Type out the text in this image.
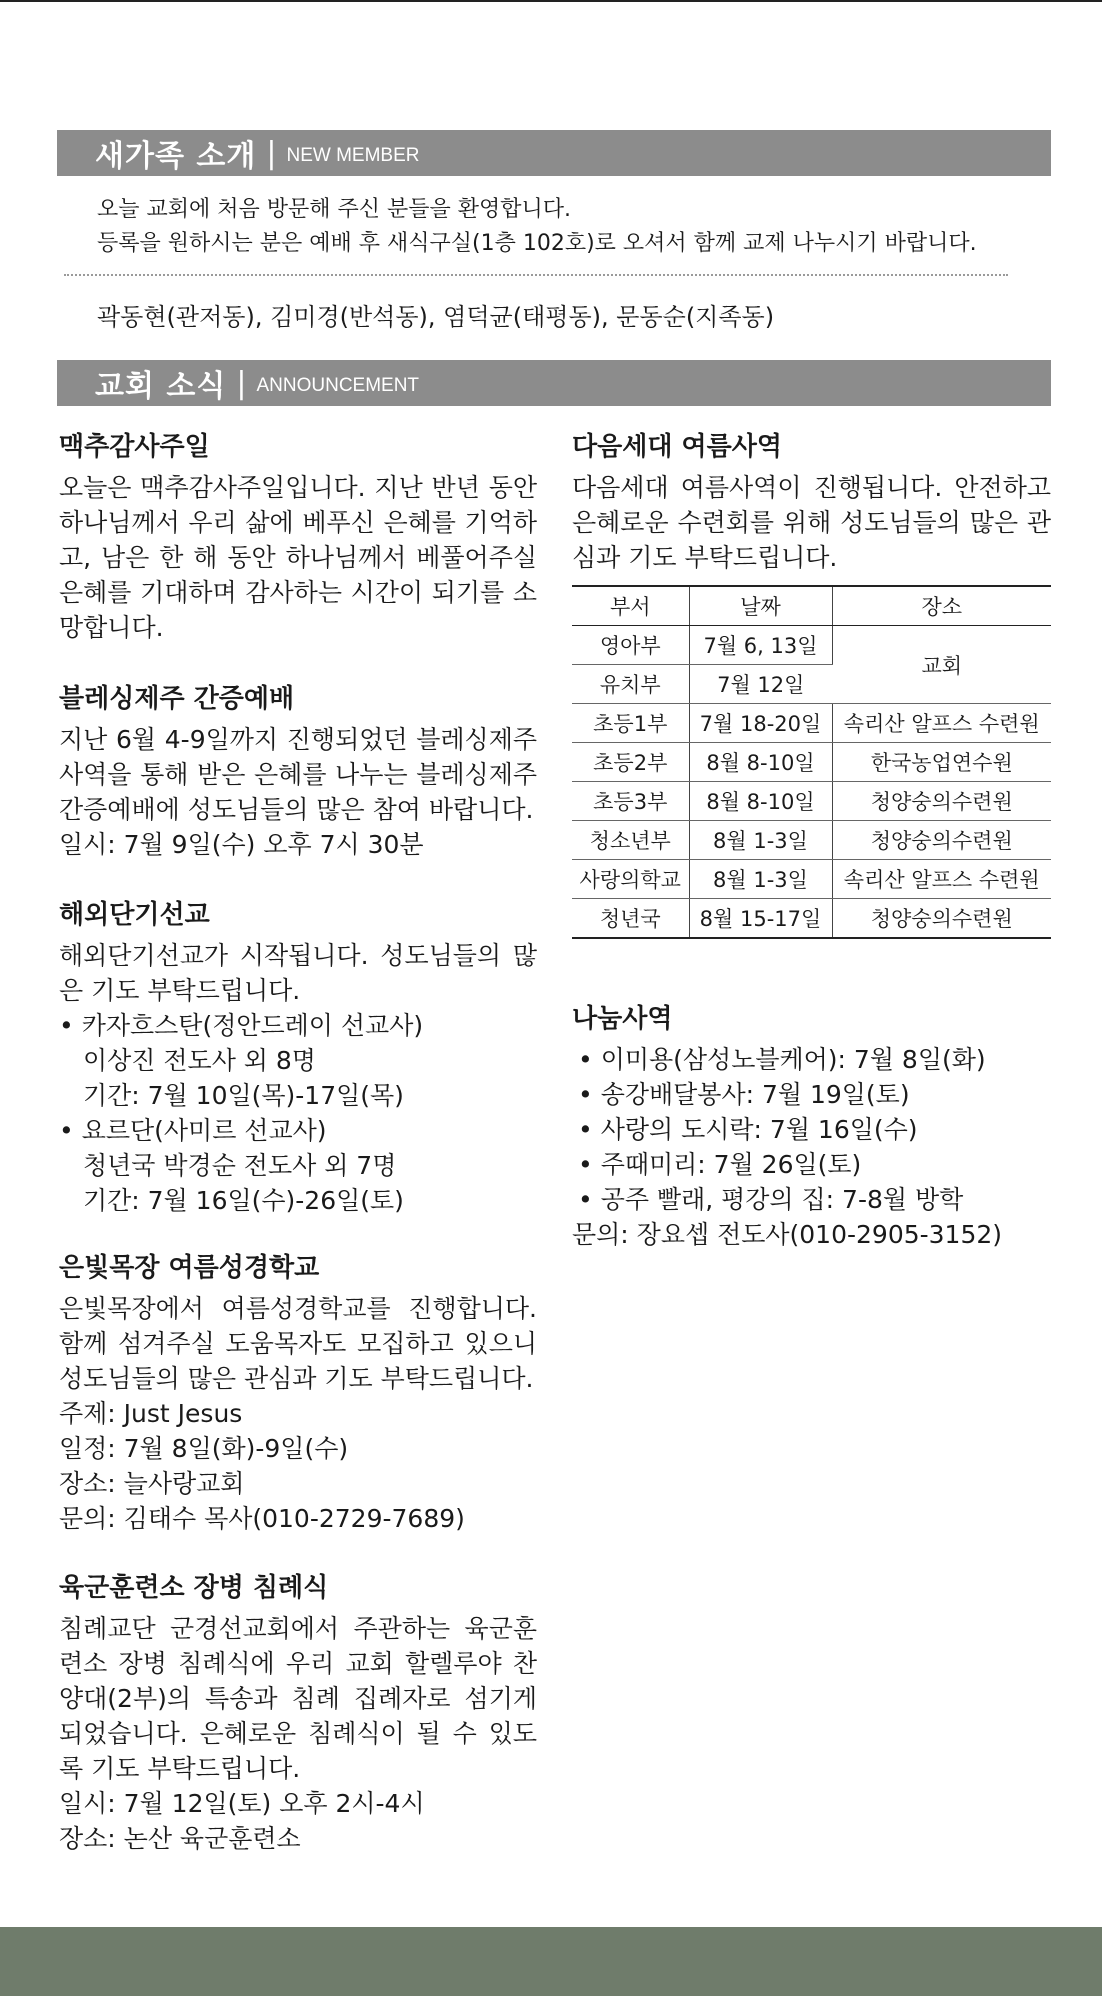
새가족 소개 | NEW MEMBER
오늘 교회에 처음 방문해 주신 분들을 환영합니다.
등록을 원하시는 분은 예배 후 새식구실(1층 102호)로 오셔서 함께 교제 나누시기 바랍니다.
곽동현(관저동), 김미경(반석동), 염덕균(태평동), 문동순(지족동)
교회 소식 | ANNOUNCEMENT
맥추감사주일

오늘은 맥추감사주일입니다. 지난 반년 동안 하나님께서 우리 삶에 베푸신 은혜를 기억하고, 남은 한 해 동안 하나님께서 베풀어주실 은혜를 기대하며 감사하는 시간이 되기를 소망합니다.

블레싱제주 간증예배

지난 6월 4-9일까지 진행되었던 블레싱제주 사역을 통해 받은 은혜를 나누는 블레싱제주 간증예배에 성도님들의 많은 참여 바랍니다.

일시: 7월 9일(수) 오후 7시 30분
해외단기선교

해외단기선교가 시작됩니다. 성도님들의 많은 기도 부탁드립니다.

• 카자흐스탄(정안드레이 선교사)
이상진 전도사 외 8명
기간: 7월 10일(목)-17일(목)
• 요르단(사미르 선교사)
청년국 박경순 전도사 외 7명
기간: 7월 16일(수)-26일(토)
은빛목장 여름성경학교

은빛목장에서 여름성경학교를 진행합니다. 함께 섬겨주실 도움목자도 모집하고 있으니 성도님들의 많은 관심과 기도 부탁드립니다.

주제: Just Jesus
일정: 7월 8일(화)-9일(수)
장소: 늘사랑교회
문의: 김태수 목사(010-2729-7689)
육군훈련소 장병 침례식

침례교단 군경선교회에서 주관하는 육군훈련소 장병 침례식에 우리 교회 할렐루야 찬양대(2부)의 특송과 침례 집례자로 섬기게 되었습니다. 은혜로운 침례식이 될 수 있도록 기도 부탁드립니다.

일시: 7월 12일(토) 오후 2시-4시
장소: 논산 육군훈련소
다음세대 여름사역

다음세대 여름사역이 진행됩니다. 안전하고 은혜로운 수련회를 위해 성도님들의 많은 관심과 기도 부탁드립니다.

부서	날짜	장소
영아부	7월 6, 13일	교회
유치부	7월 12일	
초등1부	7월 18-20일	속리산 알프스 수련원
초등2부	8월 8-10일	한국농업연수원
초등3부	8월 8-10일	청양숭의수련원
청소년부	8월 1-3일	청양숭의수련원
사랑의학교	8월 1-3일	속리산 알프스 수련원
청년국	8월 15-17일	청양숭의수련원
나눔사역
• 이미용(삼성노블케어): 7월 8일(화)
• 송강배달봉사: 7월 19일(토)
• 사랑의 도시락: 7월 16일(수)
• 주때미리: 7월 26일(토)
• 공주 빨래, 평강의 집: 7-8월 방학
문의: 장요셉 전도사(010-2905-3152)
